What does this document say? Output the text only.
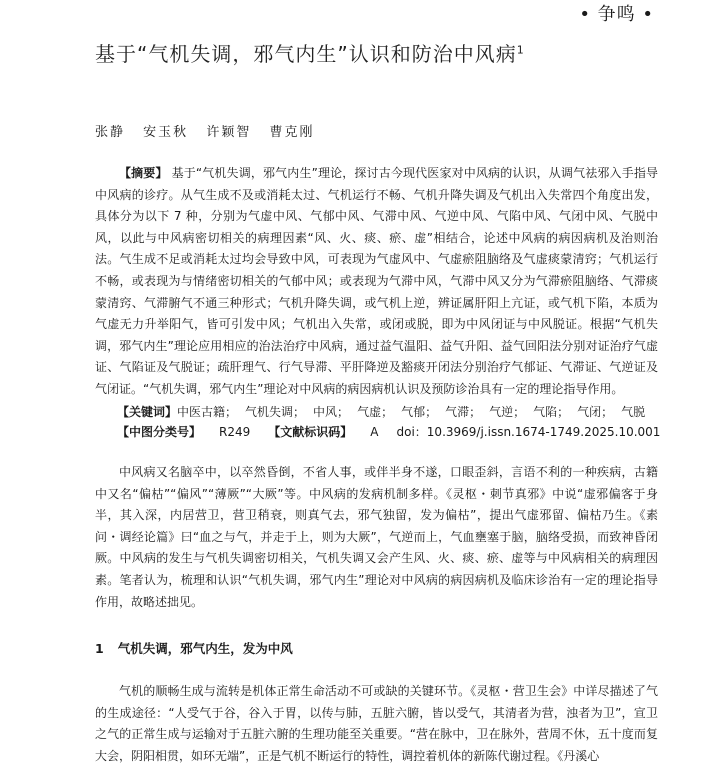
• 争鸣 •
基于“气机失调，邪气内生”认识和防治中风病$^1$
张静 安玉秋 许颖智 曹克刚
【摘要】 基于“气机失调，邪气内生”理论，探讨古今现代医家对中风病的认识，从调气祛邪入手指导中风病的诊疗。从气生成不及或消耗太过、气机运行不畅、气机升降失调及气机出入失常四个角度出发，具体分为以下 7 种，分别为气虚中风、气郁中风、气滞中风、气逆中风、气陷中风、气闭中风、气脱中风，以此与中风病密切相关的病理因素“风、火、痰、瘀、虚”相结合，论述中风病的病因病机及治则治法。气生成不足或消耗太过均会导致中风，可表现为气虚风中、气虚瘀阻脑络及气虚痰蒙清窍；气机运行不畅，或表现为与情绪密切相关的气郁中风；或表现为气滞中风，气滞中风又分为气滞瘀阻脑络、气滞痰蒙清窍、气滞腑气不通三种形式；气机升降失调，或气机上逆，辨证属肝阳上亢证，或气机下陷，本质为气虚无力升举阳气，皆可引发中风；气机出入失常，或闭或脱，即为中风闭证与中风脱证。根据“气机失调，邪气内生”理论应用相应的治法治疗中风病，通过益气温阳、益气升阳、益气回阳法分别对证治疗气虚证、气陷证及气脱证；疏肝理气、行气导滞、平肝降逆及豁痰开闭法分别治疗气郁证、气滞证、气逆证及气闭证。“气机失调，邪气内生”理论对中风病的病因病机认识及预防诊治具有一定的理论指导作用。
【关键词】中医古籍； 气机失调； 中风； 气虚； 气郁； 气滞； 气逆； 气陷； 气闭； 气脱
【中图分类号】 R249 【文献标识码】 A doi：10.3969/j.issn.1674-1749.2025.10.001

中风病又名脑卒中，以卒然昏倒，不省人事，或伴半身不遂，口眼歪斜，言语不利的一种疾病，古籍中又名“偏枯”“偏风”“薄厥”“大厥”等。中风病的发病机制多样。《灵枢・刺节真邪》中说“虚邪偏客于身半，其入深，内居营卫，营卫稍衰，则真气去，邪气独留，发为偏枯”，提出气虚邪留、偏枯乃生。《素问・调经论篇》曰“血之与气，并走于上，则为大厥”，气逆而上，气血壅塞于脑，脑络受损，而致神昏闭厥。中风病的发生与气机失调密切相关，气机失调又会产生风、火、痰、瘀、虚等与中风病相关的病理因素。笔者认为，梳理和认识“气机失调，邪气内生”理论对中风病的病因病机及临床诊治有一定的理论指导作用，故略述拙见。

1 气机失调，邪气内生，发为中风

气机的顺畅生成与流转是机体正常生命活动不可或缺的关键环节。《灵枢・营卫生会》中详尽描述了气的生成途径：“人受气于谷，谷入于胃，以传与肺，五脏六腑，皆以受气，其清者为营，浊者为卫”，宣卫之气的正常生成与运输对于五脏六腑的生理功能至关重要。“营在脉中，卫在脉外，营周不休，五十度而复大会，阴阳相贯，如环无端”，正是气机不断运行的特性，调控着机体的新陈代谢过程。《丹溪心
